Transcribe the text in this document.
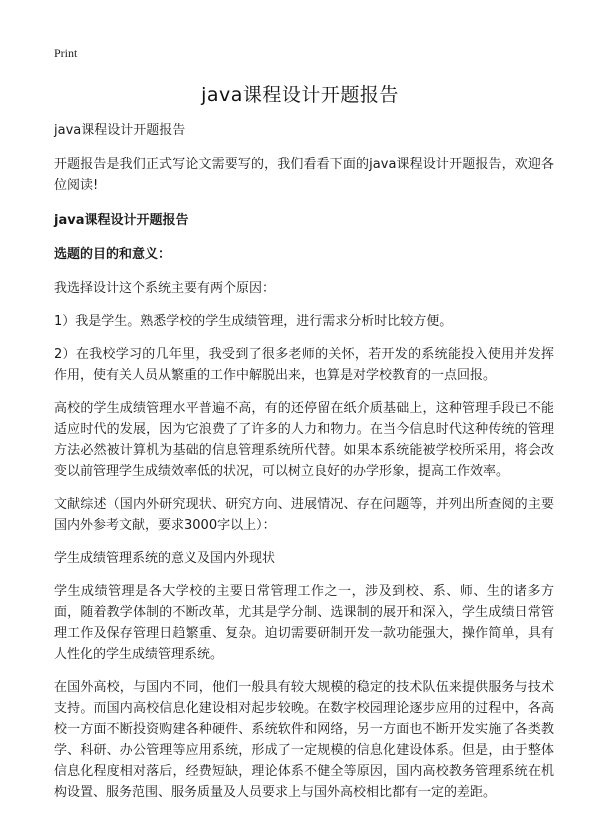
Print
java课程设计开题报告

java课程设计开题报告

开题报告是我们正式写论文需要写的，我们看看下面的java课程设计开题报告，欢迎各位阅读!

java课程设计开题报告

选题的目的和意义：

我选择设计这个系统主要有两个原因：

1）我是学生。熟悉学校的学生成绩管理，进行需求分析时比较方便。

2）在我校学习的几年里，我受到了很多老师的关怀，若开发的系统能投入使用并发挥作用，使有关人员从繁重的工作中解脱出来，也算是对学校教育的一点回报。

高校的学生成绩管理水平普遍不高，有的还停留在纸介质基础上，这种管理手段已不能适应时代的发展，因为它浪费了了许多的人力和物力。在当今信息时代这种传统的管理方法必然被计算机为基础的信息管理系统所代替。如果本系统能被学校所采用，将会改变以前管理学生成绩效率低的状况，可以树立良好的办学形象，提高工作效率。

文献综述（国内外研究现状、研究方向、进展情况、存在问题等，并列出所查阅的主要国内外参考文献，要求3000字以上）：

学生成绩管理系统的意义及国内外现状

学生成绩管理是各大学校的主要日常管理工作之一，涉及到校、系、师、生的诸多方面，随着教学体制的不断改革，尤其是学分制、选课制的展开和深入，学生成绩日常管理工作及保存管理日趋繁重、复杂。迫切需要研制开发一款功能强大，操作简单，具有人性化的学生成绩管理系统。

在国外高校，与国内不同，他们一般具有较大规模的稳定的技术队伍来提供服务与技术支持。而国内高校信息化建设相对起步较晚。在数字校园理论逐步应用的过程中，各高校一方面不断投资购建各种硬件、系统软件和网络，另一方面也不断开发实施了各类教学、科研、办公管理等应用系统，形成了一定规模的信息化建设体系。但是，由于整体信息化程度相对落后，经费短缺，理论体系不健全等原因，国内高校教务管理系统在机构设置、服务范围、服务质量及人员要求上与国外高校相比都有一定的差距。
